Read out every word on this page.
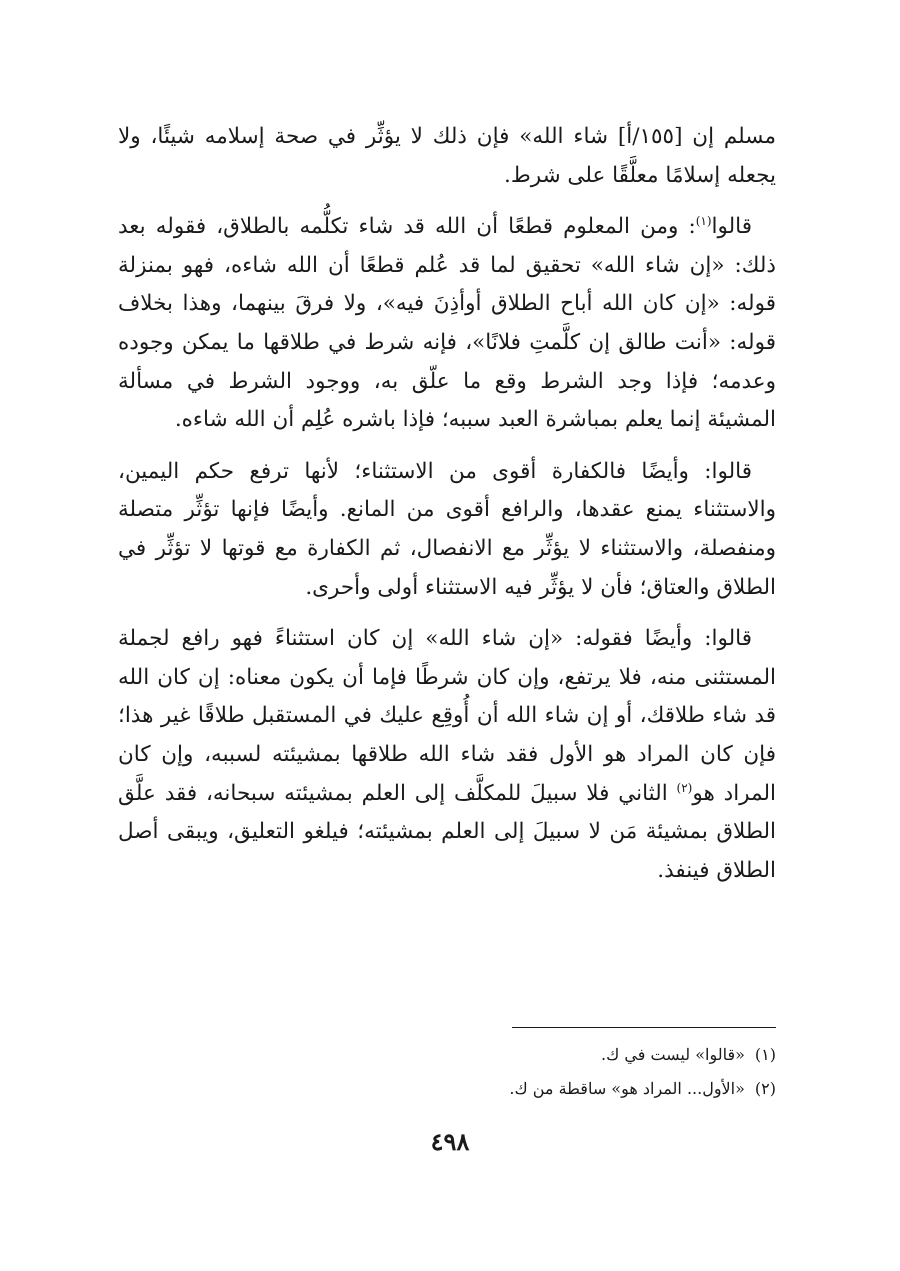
مسلم إن [١٥٥/أ] شاء الله» فإن ذلك لا يؤثِّر في صحة إسلامه شيئًا، ولا يجعله إسلامًا معلَّقًا على شرط.

قالوا$^{(١)}$: ومن المعلوم قطعًا أن الله قد شاء تكلُّمه بالطلاق، فقوله بعد ذلك: «إن شاء الله» تحقيق لما قد عُلم قطعًا أن الله شاءه، فهو بمنزلة قوله: «إن كان الله أباح الطلاق أوأذِنَ فيه»، ولا فرقَ بينهما، وهذا بخلاف قوله: «أنت طالق إن كلَّمتِ فلانًا»، فإنه شرط في طلاقها ما يمكن وجوده وعدمه؛ فإذا وجد الشرط وقع ما علّق به، ووجود الشرط في مسألة المشيئة إنما يعلم بمباشرة العبد سببه؛ فإذا باشره عُلِم أن الله شاءه.

قالوا: وأيضًا فالكفارة أقوى من الاستثناء؛ لأنها ترفع حكم اليمين، والاستثناء يمنع عقدها، والرافع أقوى من المانع. وأيضًا فإنها تؤثِّر متصلة ومنفصلة، والاستثناء لا يؤثِّر مع الانفصال، ثم الكفارة مع قوتها لا تؤثِّر في الطلاق والعتاق؛ فأن لا يؤثِّر فيه الاستثناء أولى وأحرى.

قالوا: وأيضًا فقوله: «إن شاء الله» إن كان استثناءً فهو رافع لجملة المستثنى منه، فلا يرتفع، وإن كان شرطًا فإما أن يكون معناه: إن كان الله قد شاء طلاقك، أو إن شاء الله أن أُوقِع عليك في المستقبل طلاقًا غير هذا؛ فإن كان المراد هو الأول فقد شاء الله طلاقها بمشيئته لسببه، وإن كان المراد هو$^{(٢)}$ الثاني فلا سبيلَ للمكلَّف إلى العلم بمشيئته سبحانه، فقد علَّق الطلاق بمشيئة مَن لا سبيلَ إلى العلم بمشيئته؛ فيلغو التعليق، ويبقى أصل الطلاق فينفذ.

(١)
«قالوا» ليست في ك.
(٢)
«الأول... المراد هو» ساقطة من ك.
٤٩٨
